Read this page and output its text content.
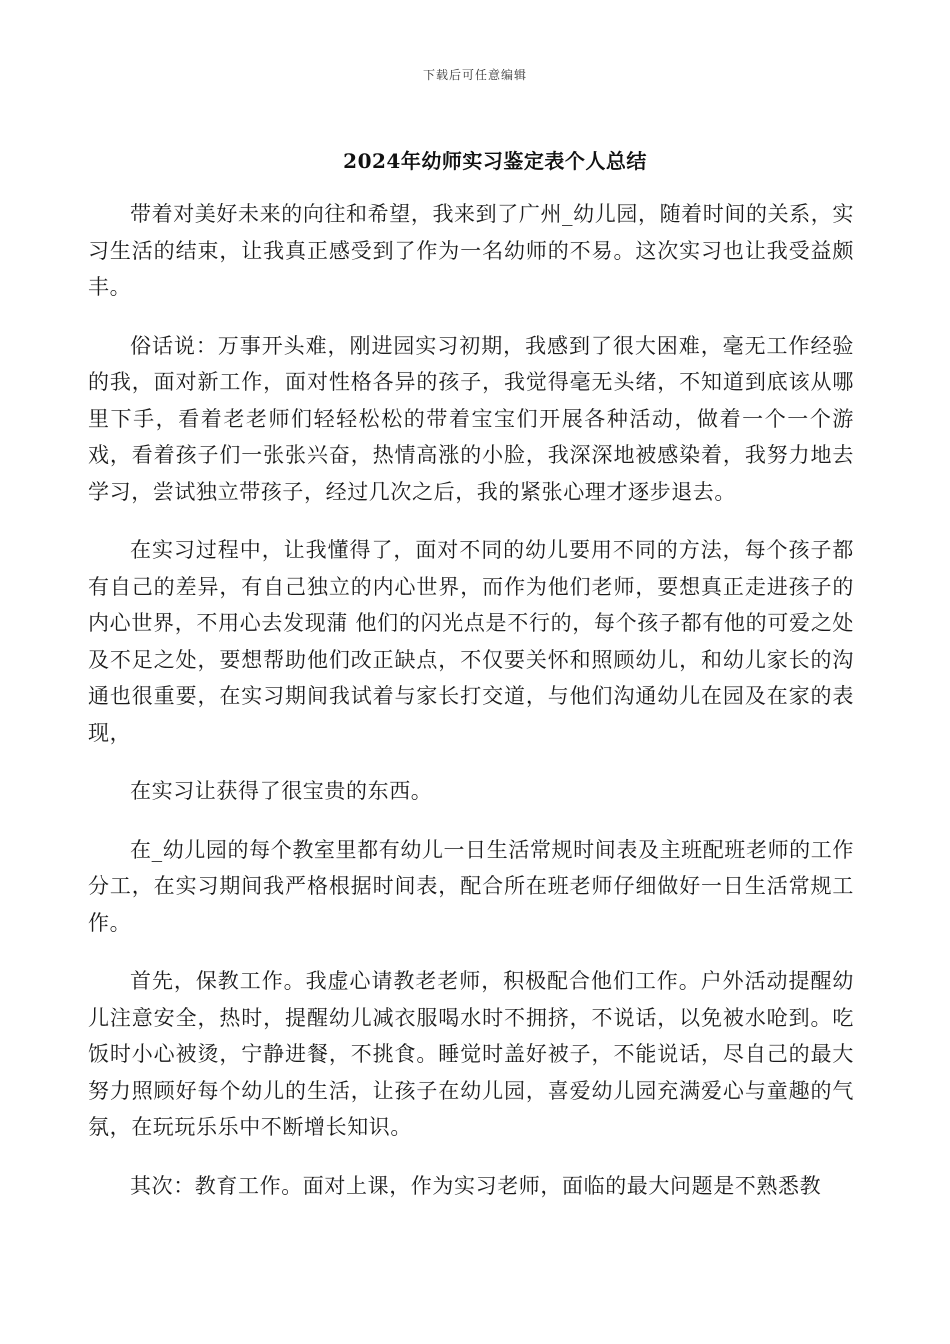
下载后可任意编辑
2024年幼师实习鉴定表个人总结

带着对美好未来的向往和希望，我来到了广州_幼儿园，随着时间的关系，实习生活的结束，让我真正感受到了作为一名幼师的不易。这次实习也让我受益颇丰。

俗话说：万事开头难，刚进园实习初期，我感到了很大困难，毫无工作经验的我，面对新工作，面对性格各异的孩子，我觉得毫无头绪，不知道到底该从哪里下手，看着老老师们轻轻松松的带着宝宝们开展各种活动，做着一个一个游戏，看着孩子们一张张兴奋，热情高涨的小脸，我深深地被感染着，我努力地去学习，尝试独立带孩子，经过几次之后，我的紧张心理才逐步退去。

在实习过程中，让我懂得了，面对不同的幼儿要用不同的方法，每个孩子都有自己的差异，有自己独立的内心世界，而作为他们老师，要想真正走进孩子的内心世界，不用心去发现蒲 他们的闪光点是不行的，每个孩子都有他的可爱之处及不足之处，要想帮助他们改正缺点，不仅要关怀和照顾幼儿，和幼儿家长的沟通也很重要，在实习期间我试着与家长打交道，与他们沟通幼儿在园及在家的表现，

在实习让获得了很宝贵的东西。

在_幼儿园的每个教室里都有幼儿一日生活常规时间表及主班配班老师的工作分工，在实习期间我严格根据时间表，配合所在班老师仔细做好一日生活常规工作。

首先，保教工作。我虚心请教老老师，积极配合他们工作。户外活动提醒幼儿注意安全，热时，提醒幼儿减衣服喝水时不拥挤，不说话，以免被水呛到。吃饭时小心被烫，宁静进餐，不挑食。睡觉时盖好被子，不能说话，尽自己的最大努力照顾好每个幼儿的生活，让孩子在幼儿园，喜爱幼儿园充满爱心与童趣的气氛，在玩玩乐乐中不断增长知识。

其次：教育工作。面对上课，作为实习老师，面临的最大问题是不熟悉教
